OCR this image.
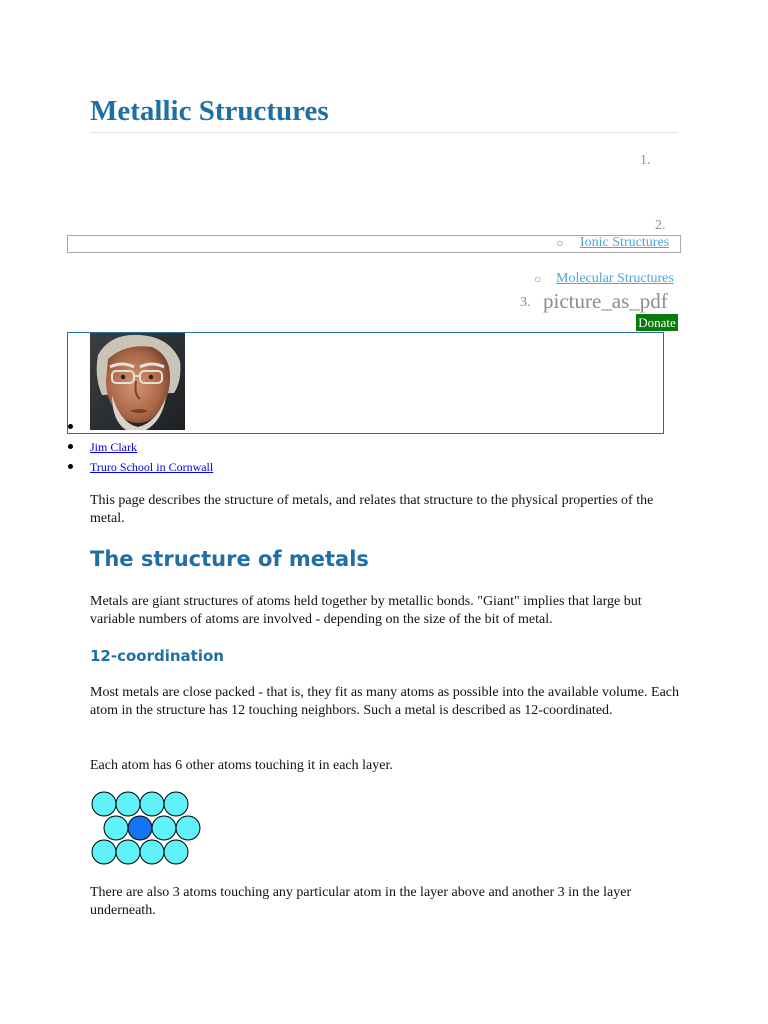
Metallic Structures
1.
2.
○ Ionic Structures
○ Molecular Structures
3. picture_as_pdf
Donate
Jim Clark
Truro School in Cornwall

This page describes the structure of metals, and relates that structure to the physical properties of the metal.

The structure of metals

Metals are giant structures of atoms held together by metallic bonds. "Giant" implies that large but variable numbers of atoms are involved - depending on the size of the bit of metal.

12-coordination

Most metals are close packed - that is, they fit as many atoms as possible into the available volume. Each atom in the structure has 12 touching neighbors. Such a metal is described as 12-coordinated.

Each atom has 6 other atoms touching it in each layer.

There are also 3 atoms touching any particular atom in the layer above and another 3 in the layer underneath.
